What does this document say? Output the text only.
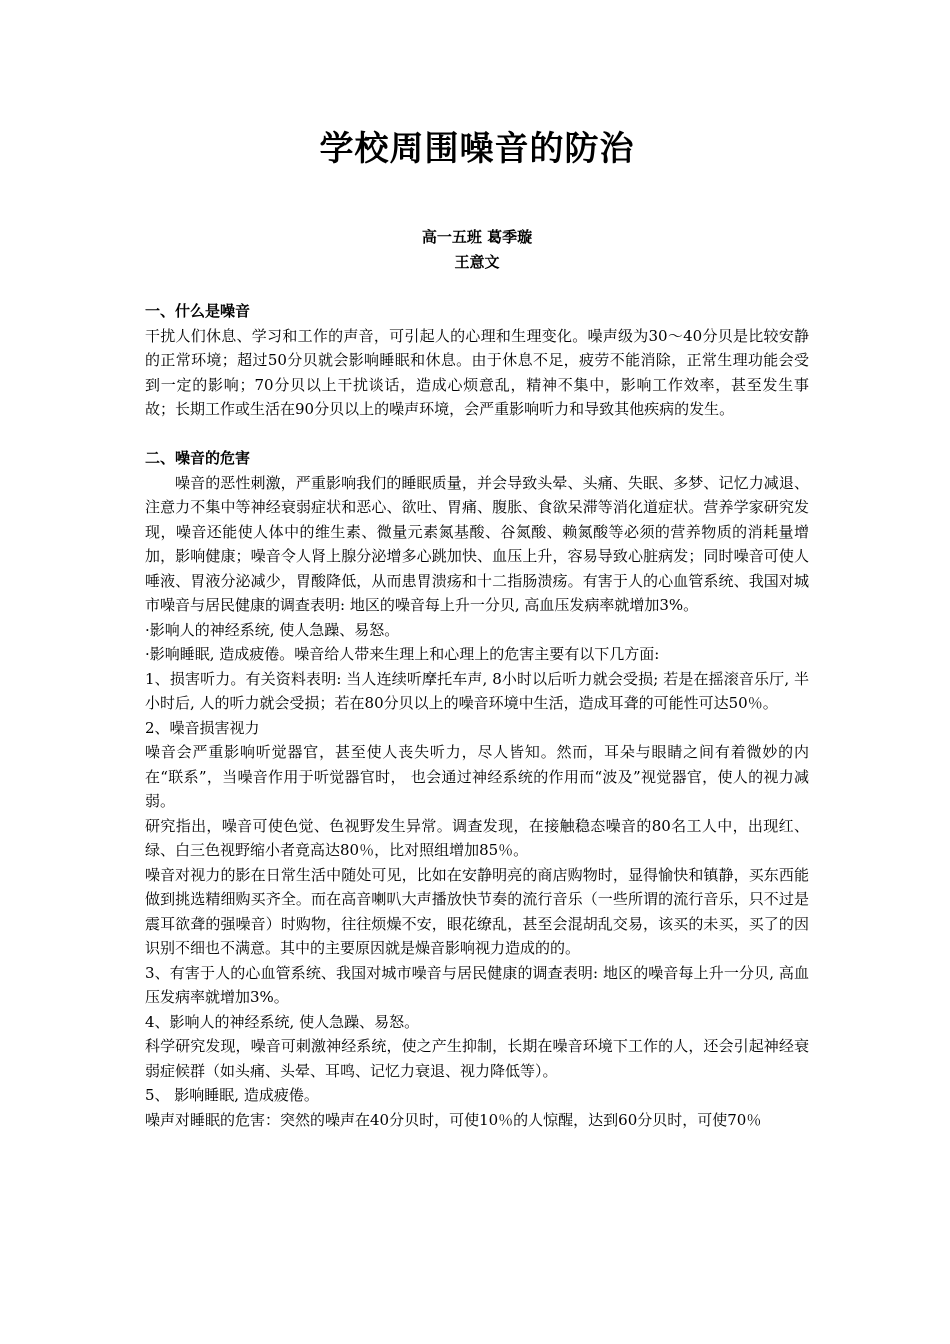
学校周围噪音的防治
高一五班 葛季璇
王意文

一、什么是噪音

干扰人们休息、学习和工作的声音，可引起人的心理和生理变化。噪声级为30～40分贝是比较安静的正常环境；超过50分贝就会影响睡眠和休息。由于休息不足，疲劳不能消除，正常生理功能会受到一定的影响；70分贝以上干扰谈话，造成心烦意乱，精神不集中，影响工作效率，甚至发生事故；长期工作或生活在90分贝以上的噪声环境，会严重影响听力和导致其他疾病的发生。

二、噪音的危害

噪音的恶性刺激，严重影响我们的睡眠质量，并会导致头晕、头痛、失眠、多梦、记忆力减退、注意力不集中等神经衰弱症状和恶心、欲吐、胃痛、腹胀、食欲呆滞等消化道症状。营养学家研究发现，噪音还能使人体中的维生素、微量元素氮基酸、谷氮酸、赖氮酸等必须的营养物质的消耗量增加，影响健康；噪音令人肾上腺分泌增多心跳加快、血压上升，容易导致心脏病发；同时噪音可使人唾液、胃液分泌减少，胃酸降低，从而患胃溃疡和十二指肠溃疡。有害于人的心血管系统、我国对城市噪音与居民健康的调查表明: 地区的噪音每上升一分贝, 高血压发病率就增加3%。

·影响人的神经系统, 使人急躁、易怒。

·影响睡眠, 造成疲倦。噪音给人带来生理上和心理上的危害主要有以下几方面:

1、损害听力。有关资料表明: 当人连续听摩托车声, 8小时以后听力就会受损; 若是在摇滚音乐厅, 半小时后, 人的听力就会受损；若在80分贝以上的噪音环境中生活，造成耳聋的可能性可达50％。

2、噪音损害视力

噪音会严重影响听觉器官，甚至使人丧失听力，尽人皆知。然而，耳朵与眼睛之间有着微妙的内在“联系”，当噪音作用于听觉器官时， 也会通过神经系统的作用而“波及”视觉器官，使人的视力减弱。

研究指出，噪音可使色觉、色视野发生异常。调查发现，在接触稳态噪音的80名工人中，出现红、绿、白三色视野缩小者竟高达80％，比对照组增加85％。

噪音对视力的影在日常生活中随处可见，比如在安静明亮的商店购物时，显得愉快和镇静，买东西能做到挑选精细购买齐全。而在高音喇叭大声播放快节奏的流行音乐（一些所谓的流行音乐，只不过是震耳欲聋的强噪音）时购物，往往烦燥不安，眼花缭乱，甚至会混胡乱交易，该买的未买，买了的因识别不细也不满意。其中的主要原因就是燥音影响视力造成的的。

3、有害于人的心血管系统、我国对城市噪音与居民健康的调查表明: 地区的噪音每上升一分贝, 高血压发病率就增加3%。

4、影响人的神经系统, 使人急躁、易怒。

科学研究发现，噪音可刺激神经系统，使之产生抑制，长期在噪音环境下工作的人，还会引起神经衰弱症候群（如头痛、头晕、耳鸣、记忆力衰退、视力降低等）。

5、 影响睡眠, 造成疲倦。

噪声对睡眠的危害：突然的噪声在40分贝时，可使10％的人惊醒，达到60分贝时，可使70％
